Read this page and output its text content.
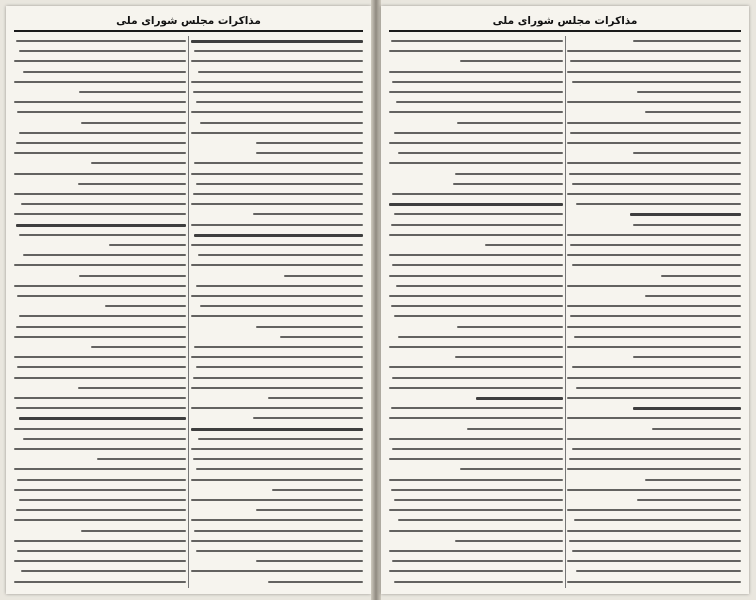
مذاکرات مجلس شورای ملی	مذاکرات مجلس شورای ملی
